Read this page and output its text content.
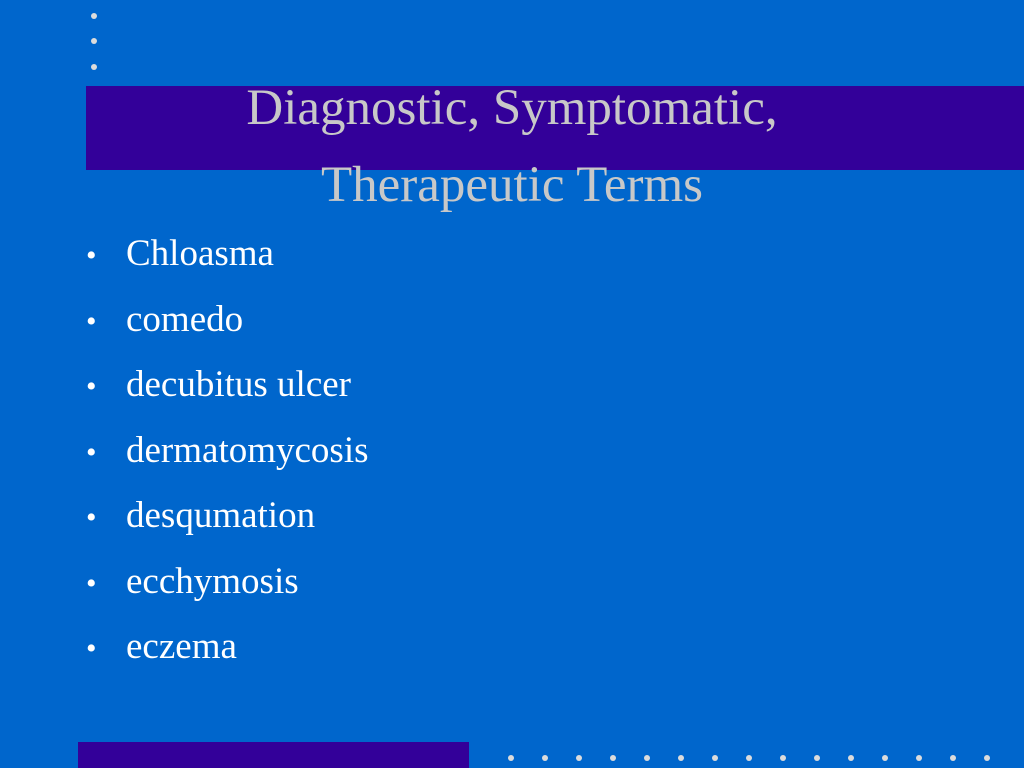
Diagnostic, Symptomatic,
Therapeutic Terms
• Chloasma
• comedo
• decubitus ulcer
• dermatomycosis
• desqumation
• ecchymosis
• eczema
